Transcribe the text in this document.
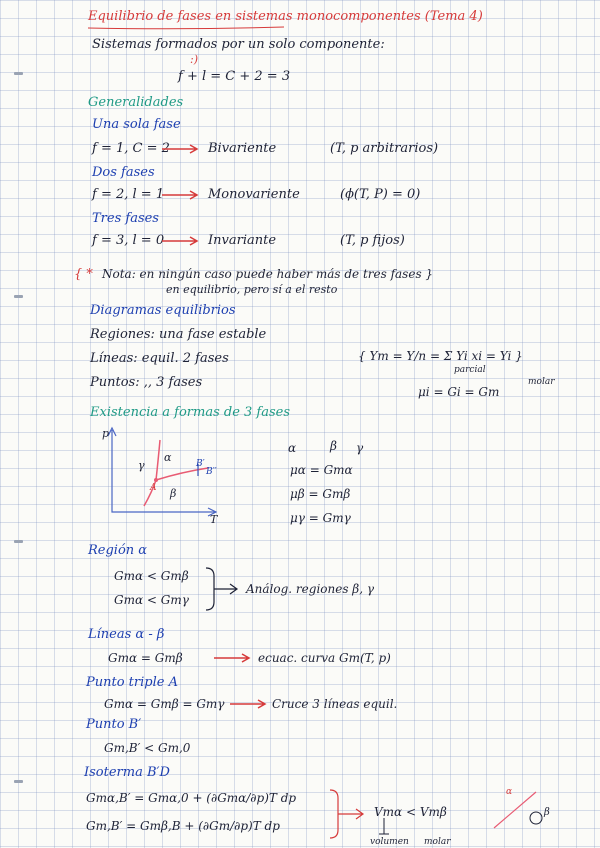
Equilibrio de fases en sistemas monocomponentes (Tema 4)
Sistemas formados por un solo componente:
:)
f + l = C + 2 = 3
Generalidades
Una sola fase
f = 1, C = 2	Bivariente	(T, p arbitrarios)
Dos fases
f = 2, l = 1	Monovariente	(ϕ(T, P) = 0)
Tres fases
f = 3, l = 0	Invariante	(T, p fijos)
{ * Nota: en ningún caso puede haber más de tres fases }
en equilibrio, pero sí a el resto
Diagramas equilibrios
Regiones: una fase estable
Líneas: equil. 2 fases
Puntos: ,, 3 fases
{ Ym = Y/n = Σ Yi xi = Yi }
parcial
μi = Gi = Gm
molar
Existencia a formas de 3 fases
p
T
γ
α
β
A
B′
B′′
α	β γ
μα = Gmα
μβ = Gmβ
μγ = Gmγ
Región α
Gmα < Gmβ
Gmα < Gmγ
Análog. regiones β, γ
Líneas α - β
Gmα = Gmβ	ecuac. curva Gm(T, p)
Punto triple A
Gmα = Gmβ = Gmγ	Cruce 3 líneas equil.
Punto B′
Gm,B′ < Gm,0
Isoterma B′D
Gmα,B′ = Gmα,0 + (∂Gmα/∂p)T dp
Gm,B′ = Gmβ,B + (∂Gm/∂p)T dp
Vmα < Vmβ
volumen molar
α
β
